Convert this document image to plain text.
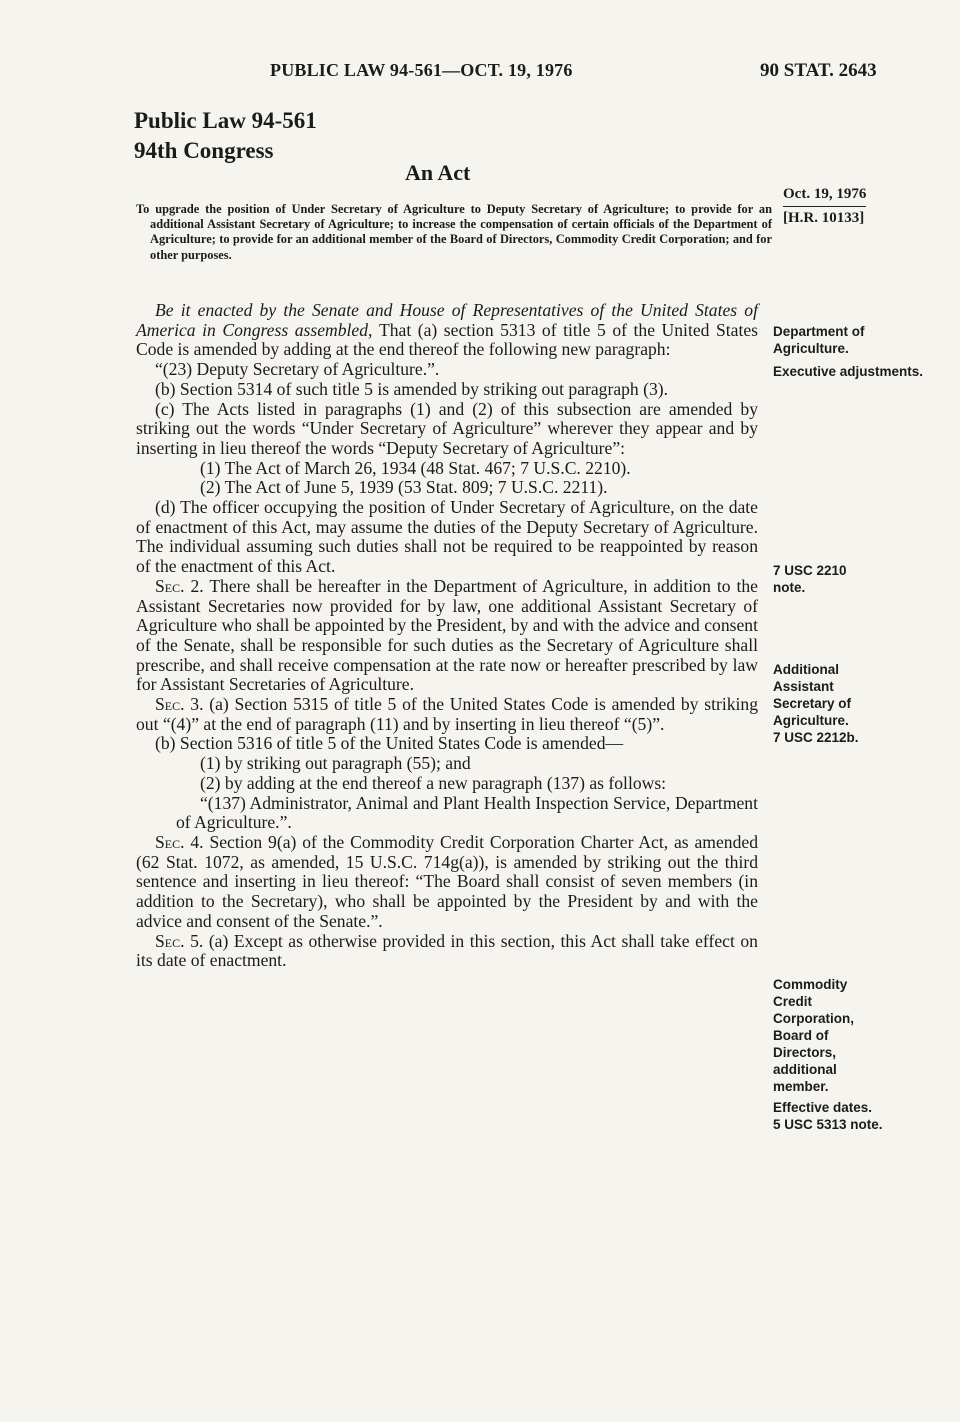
PUBLIC LAW 94-561—OCT. 19, 1976	90 STAT. 2643
Public Law 94-561
94th Congress
An Act
Oct. 19, 1976
[H.R. 10133]
To upgrade the position of Under Secretary of Agriculture to Deputy Secretary of Agriculture; to provide for an additional Assistant Secretary of Agriculture; to increase the compensation of certain officials of the Department of Agriculture; to provide for an additional member of the Board of Directors, Commodity Credit Corporation; and for other purposes.

Be it enacted by the Senate and House of Representatives of the United States of America in Congress assembled, That (a) section 5313 of title 5 of the United States Code is amended by adding at the end thereof the following new paragraph:

“(23) Deputy Secretary of Agriculture.”.

(b) Section 5314 of such title 5 is amended by striking out paragraph (3).

(c) The Acts listed in paragraphs (1) and (2) of this subsection are amended by striking out the words “Under Secretary of Agriculture” wherever they appear and by inserting in lieu thereof the words “Deputy Secretary of Agriculture”:

(1) The Act of March 26, 1934 (48 Stat. 467; 7 U.S.C. 2210).

(2) The Act of June 5, 1939 (53 Stat. 809; 7 U.S.C. 2211).

(d) The officer occupying the position of Under Secretary of Agriculture, on the date of enactment of this Act, may assume the duties of the Deputy Secretary of Agriculture. The individual assuming such duties shall not be required to be reappointed by reason of the enactment of this Act.

Sec. 2. There shall be hereafter in the Department of Agriculture, in addition to the Assistant Secretaries now provided for by law, one additional Assistant Secretary of Agriculture who shall be appointed by the President, by and with the advice and consent of the Senate, shall be responsible for such duties as the Secretary of Agriculture shall prescribe, and shall receive compensation at the rate now or hereafter prescribed by law for Assistant Secretaries of Agriculture.

Sec. 3. (a) Section 5315 of title 5 of the United States Code is amended by striking out “(4)” at the end of paragraph (11) and by inserting in lieu thereof “(5)”.

(b) Section 5316 of title 5 of the United States Code is amended—

(1) by striking out paragraph (55); and

(2) by adding at the end thereof a new paragraph (137) as follows:

“(137) Administrator, Animal and Plant Health Inspection Service, Department of Agriculture.”.

Sec. 4. Section 9(a) of the Commodity Credit Corporation Charter Act, as amended (62 Stat. 1072, as amended, 15 U.S.C. 714g(a)), is amended by striking out the third sentence and inserting in lieu thereof: “The Board shall consist of seven members (in addition to the Secretary), who shall be appointed by the President by and with the advice and consent of the Senate.”.

Sec. 5. (a) Except as otherwise provided in this section, this Act shall take effect on its date of enactment.

Department of Agriculture.
Executive adjustments.
7 USC 2210 note.
Additional Assistant Secretary of Agriculture.
7 USC 2212b.
Commodity Credit Corporation, Board of Directors, additional member.
Effective dates.
5 USC 5313 note.
